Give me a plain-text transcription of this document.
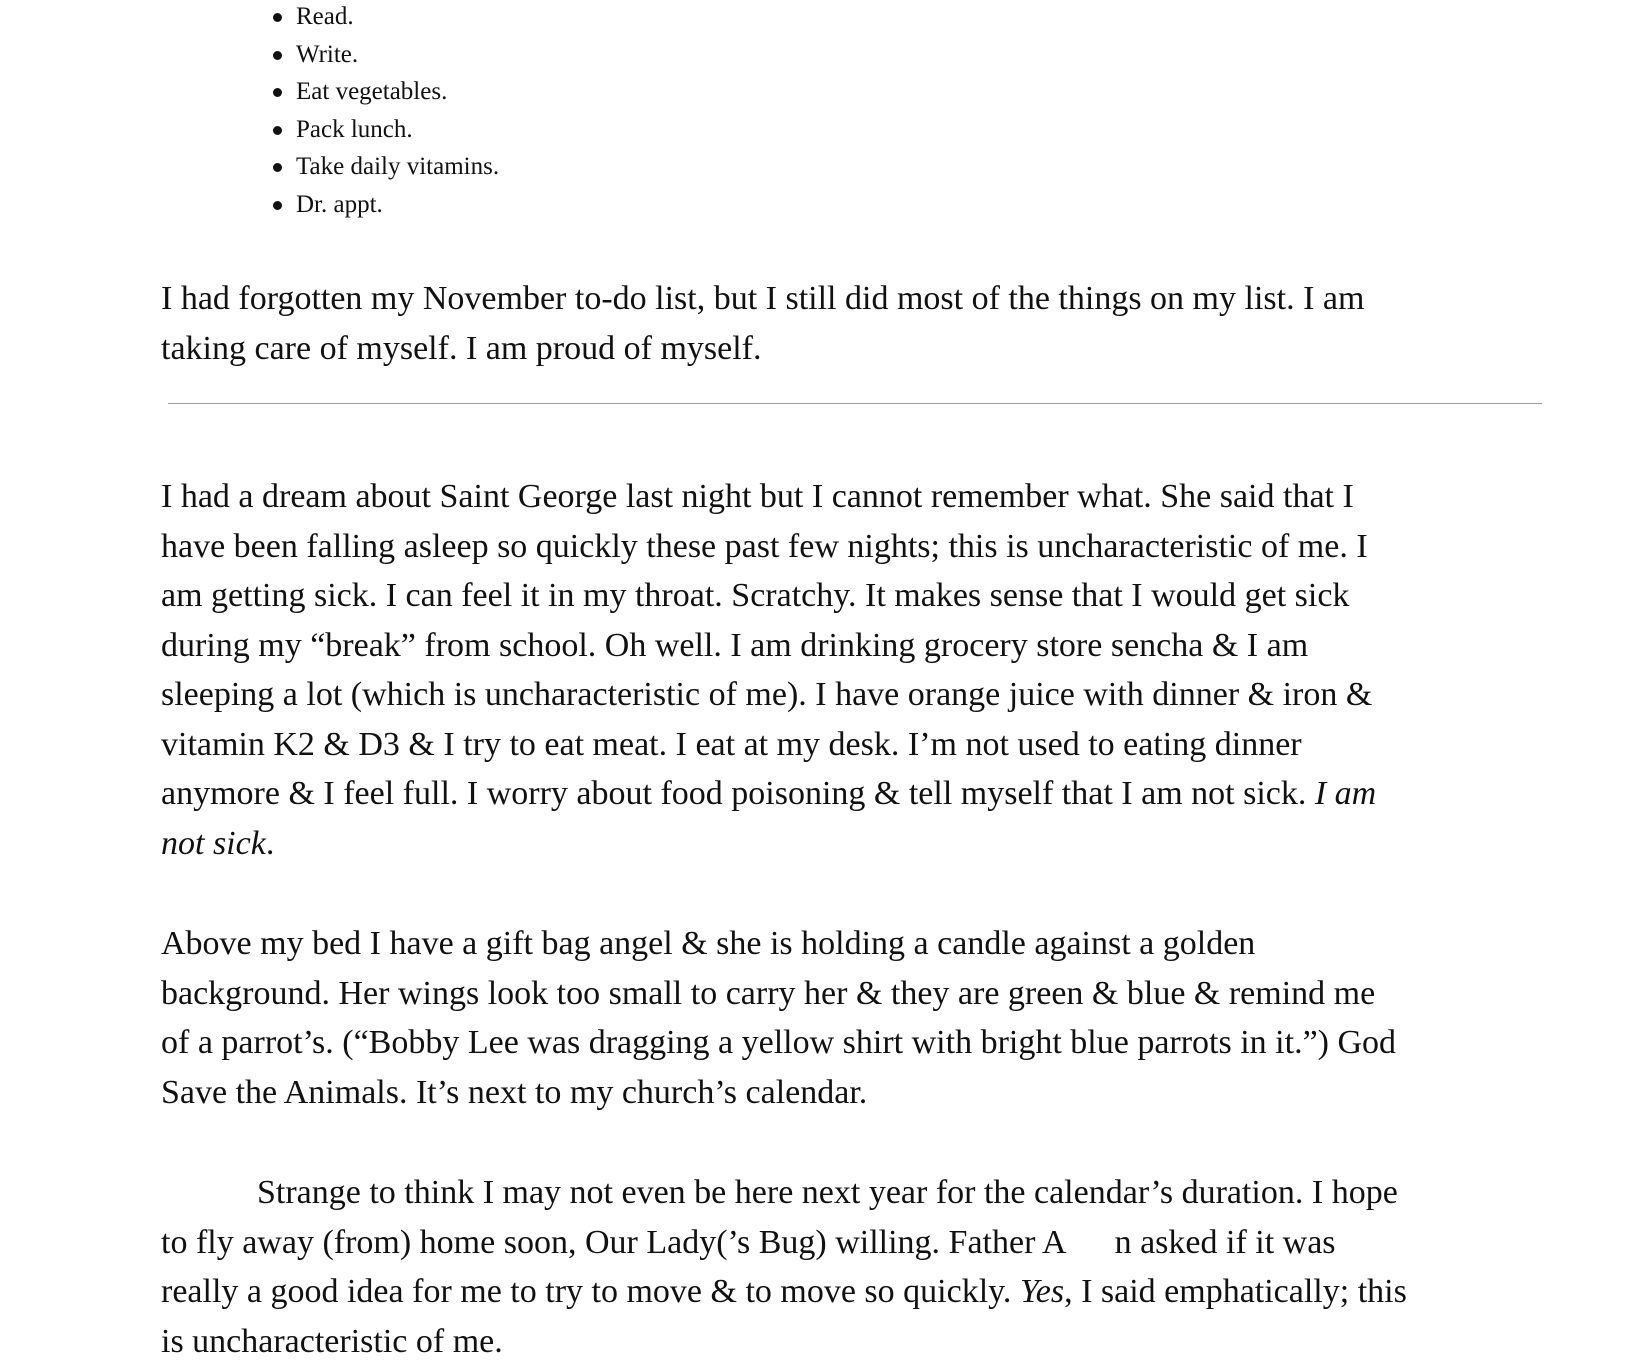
Read.
Write.
Eat vegetables.
Pack lunch.
Take daily vitamins.
Dr. appt.
I had forgotten my November to-do list, but I still did most of the things on my list. I am
taking care of myself. I am proud of myself.
I had a dream about Saint George last night but I cannot remember what. She said that I
have been falling asleep so quickly these past few nights; this is uncharacteristic of me. I
am getting sick. I can feel it in my throat. Scratchy. It makes sense that I would get sick
during my “break” from school. Oh well. I am drinking grocery store sencha & I am
sleeping a lot (which is uncharacteristic of me). I have orange juice with dinner & iron &
vitamin K2 & D3 & I try to eat meat. I eat at my desk. I’m not used to eating dinner
anymore & I feel full. I worry about food poisoning & tell myself that I am not sick. I am
not sick.
Above my bed I have a gift bag angel & she is holding a candle against a golden
background. Her wings look too small to carry her & they are green & blue & remind me
of a parrot’s. (“Bobby Lee was dragging a yellow shirt with bright blue parrots in it.”) God
Save the Animals. It’s next to my church’s calendar.
Strange to think I may not even be here next year for the calendar’s duration. I hope
to fly away (from) home soon, Our Lady(’s Bug) willing. Father A n asked if it was
really a good idea for me to try to move & to move so quickly. Yes, I said emphatically; this
is uncharacteristic of me.
